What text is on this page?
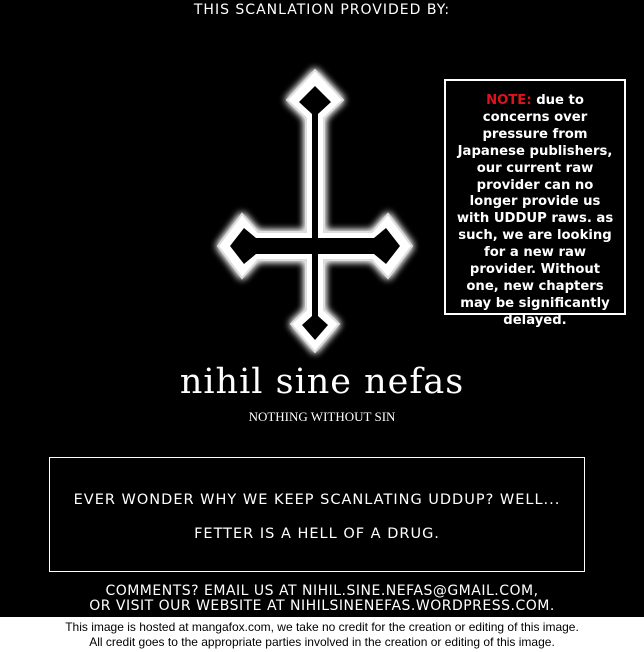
THIS SCANLATION PROVIDED BY:
NOTE: due to concerns over pressure from Japanese publishers, our current raw provider can no longer provide us with UDDUP raws. as such, we are looking for a new raw provider. Without one, new chapters may be significantly delayed.
nihil sine nefas
NOTHING WITHOUT SIN
EVER WONDER WHY WE KEEP SCANLATING UDDUP? WELL...
FETTER IS A HELL OF A DRUG.
COMMENTS? EMAIL US AT NIHIL.SINE.NEFAS@GMAIL.COM,
OR VISIT OUR WEBSITE AT NIHILSINENEFAS.WORDPRESS.COM.
This image is hosted at mangafox.com, we take no credit for the creation or editing of this image.
All credit goes to the appropriate parties involved in the creation or editing of this image.
